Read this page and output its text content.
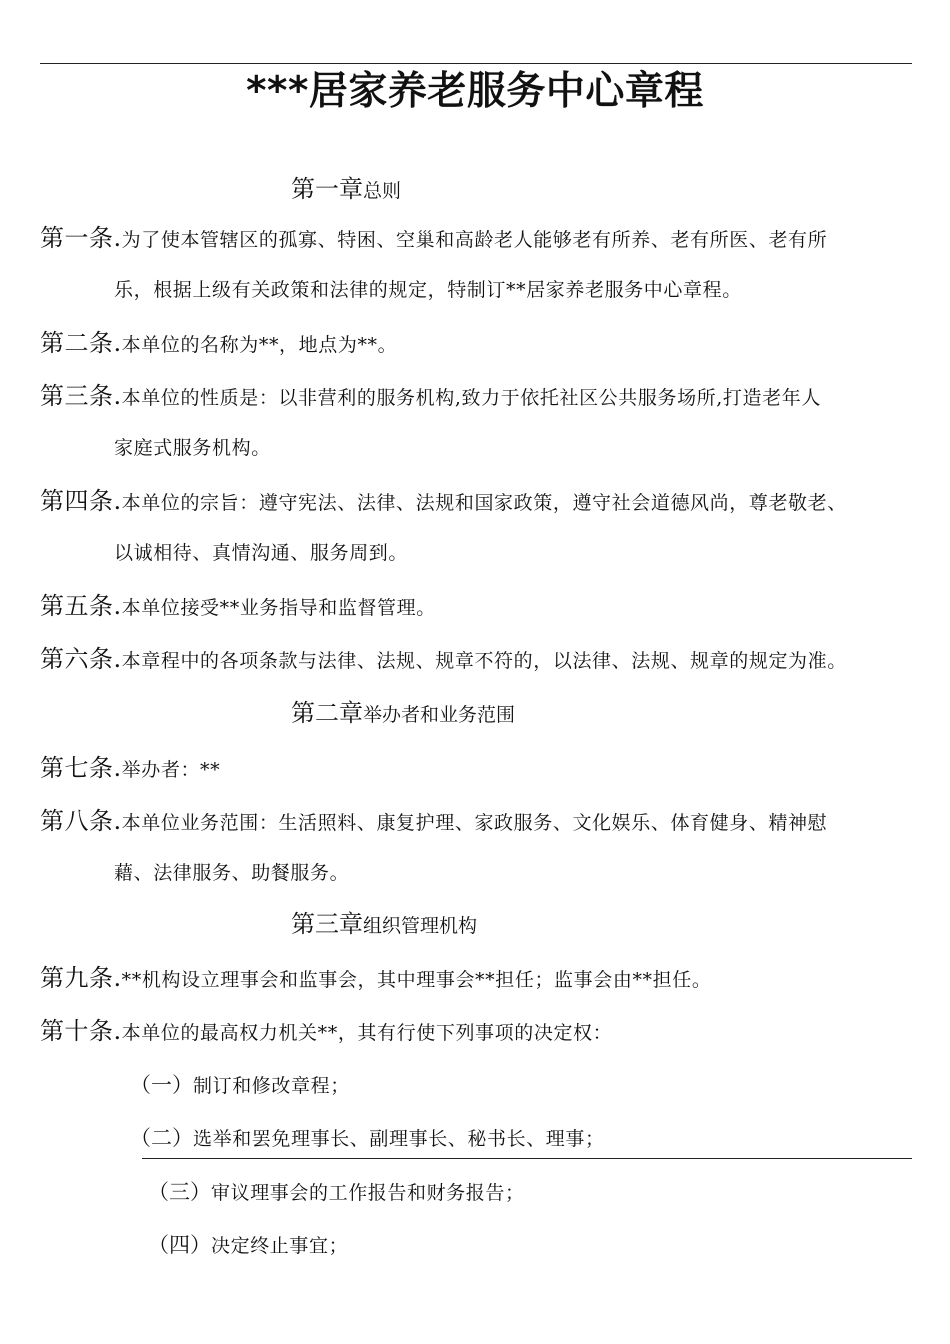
***居家养老服务中心章程
第一章总则
第一条.为了使本管辖区的孤寡、特困、空巢和高龄老人能够老有所养、老有所医、老有所
乐，根据上级有关政策和法律的规定，特制订**居家养老服务中心章程。
第二条.本单位的名称为**，地点为**。
第三条.本单位的性质是：以非营利的服务机构,致力于依托社区公共服务场所,打造老年人
家庭式服务机构。
第四条.本单位的宗旨：遵守宪法、法律、法规和国家政策，遵守社会道德风尚，尊老敬老、
以诚相待、真情沟通、服务周到。
第五条.本单位接受**业务指导和监督管理。
第六条.本章程中的各项条款与法律、法规、规章不符的，以法律、法规、规章的规定为准。
第二章举办者和业务范围
第七条.举办者：**
第八条.本单位业务范围：生活照料、康复护理、家政服务、文化娱乐、体育健身、精神慰
藉、法律服务、助餐服务。
第三章组织管理机构
第九条.**机构设立理事会和监事会，其中理事会**担任；监事会由**担任。
第十条.本单位的最高权力机关**，其有行使下列事项的决定权：
（一）制订和修改章程；
（二）选举和罢免理事长、副理事长、秘书长、理事；
（三）审议理事会的工作报告和财务报告；
（四）决定终止事宜；
